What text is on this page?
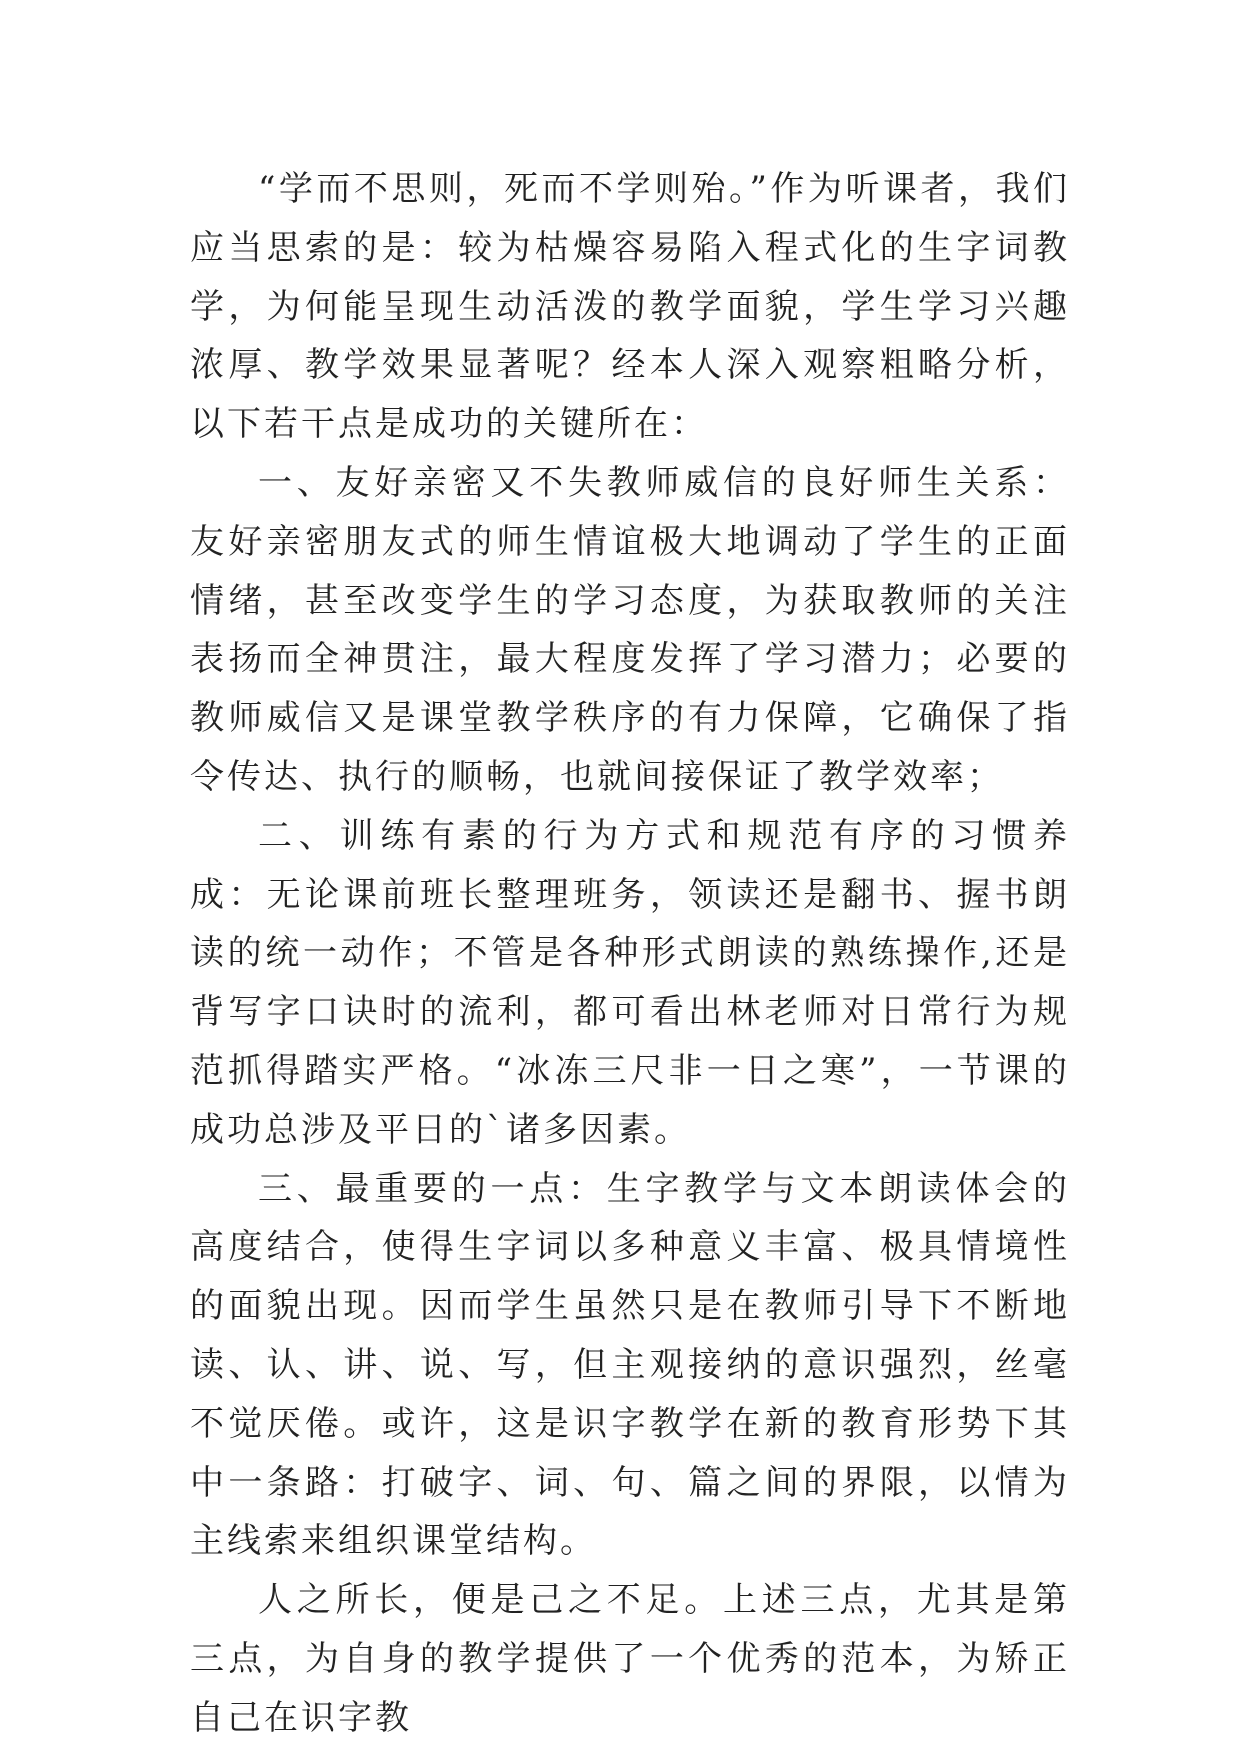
“学而不思则，死而不学则殆。”作为听课者，我们应当思索的是：较为枯燥容易陷入程式化的生字词教学，为何能呈现生动活泼的教学面貌，学生学习兴趣浓厚、教学效果显著呢？经本人深入观察粗略分析，以下若干点是成功的关键所在：

一、友好亲密又不失教师威信的良好师生关系：友好亲密朋友式的师生情谊极大地调动了学生的正面情绪，甚至改变学生的学习态度，为获取教师的关注表扬而全神贯注，最大程度发挥了学习潜力；必要的教师威信又是课堂教学秩序的有力保障，它确保了指令传达、执行的顺畅，也就间接保证了教学效率；

二、训练有素的行为方式和规范有序的习惯养成：无论课前班长整理班务，领读还是翻书、握书朗读的统一动作；不管是各种形式朗读的熟练操作,还是背写字口诀时的流利，都可看出林老师对日常行为规范抓得踏实严格。“冰冻三尺非一日之寒”，一节课的成功总涉及平日的`诸多因素。

三、最重要的一点：生字教学与文本朗读体会的高度结合，使得生字词以多种意义丰富、极具情境性的面貌出现。因而学生虽然只是在教师引导下不断地读、认、讲、说、写，但主观接纳的意识强烈，丝毫不觉厌倦。或许，这是识字教学在新的教育形势下其中一条路：打破字、词、句、篇之间的界限，以情为主线索来组织课堂结构。

人之所长，便是己之不足。上述三点，尤其是第三点，为自身的教学提供了一个优秀的范本，为矫正自己在识字教
